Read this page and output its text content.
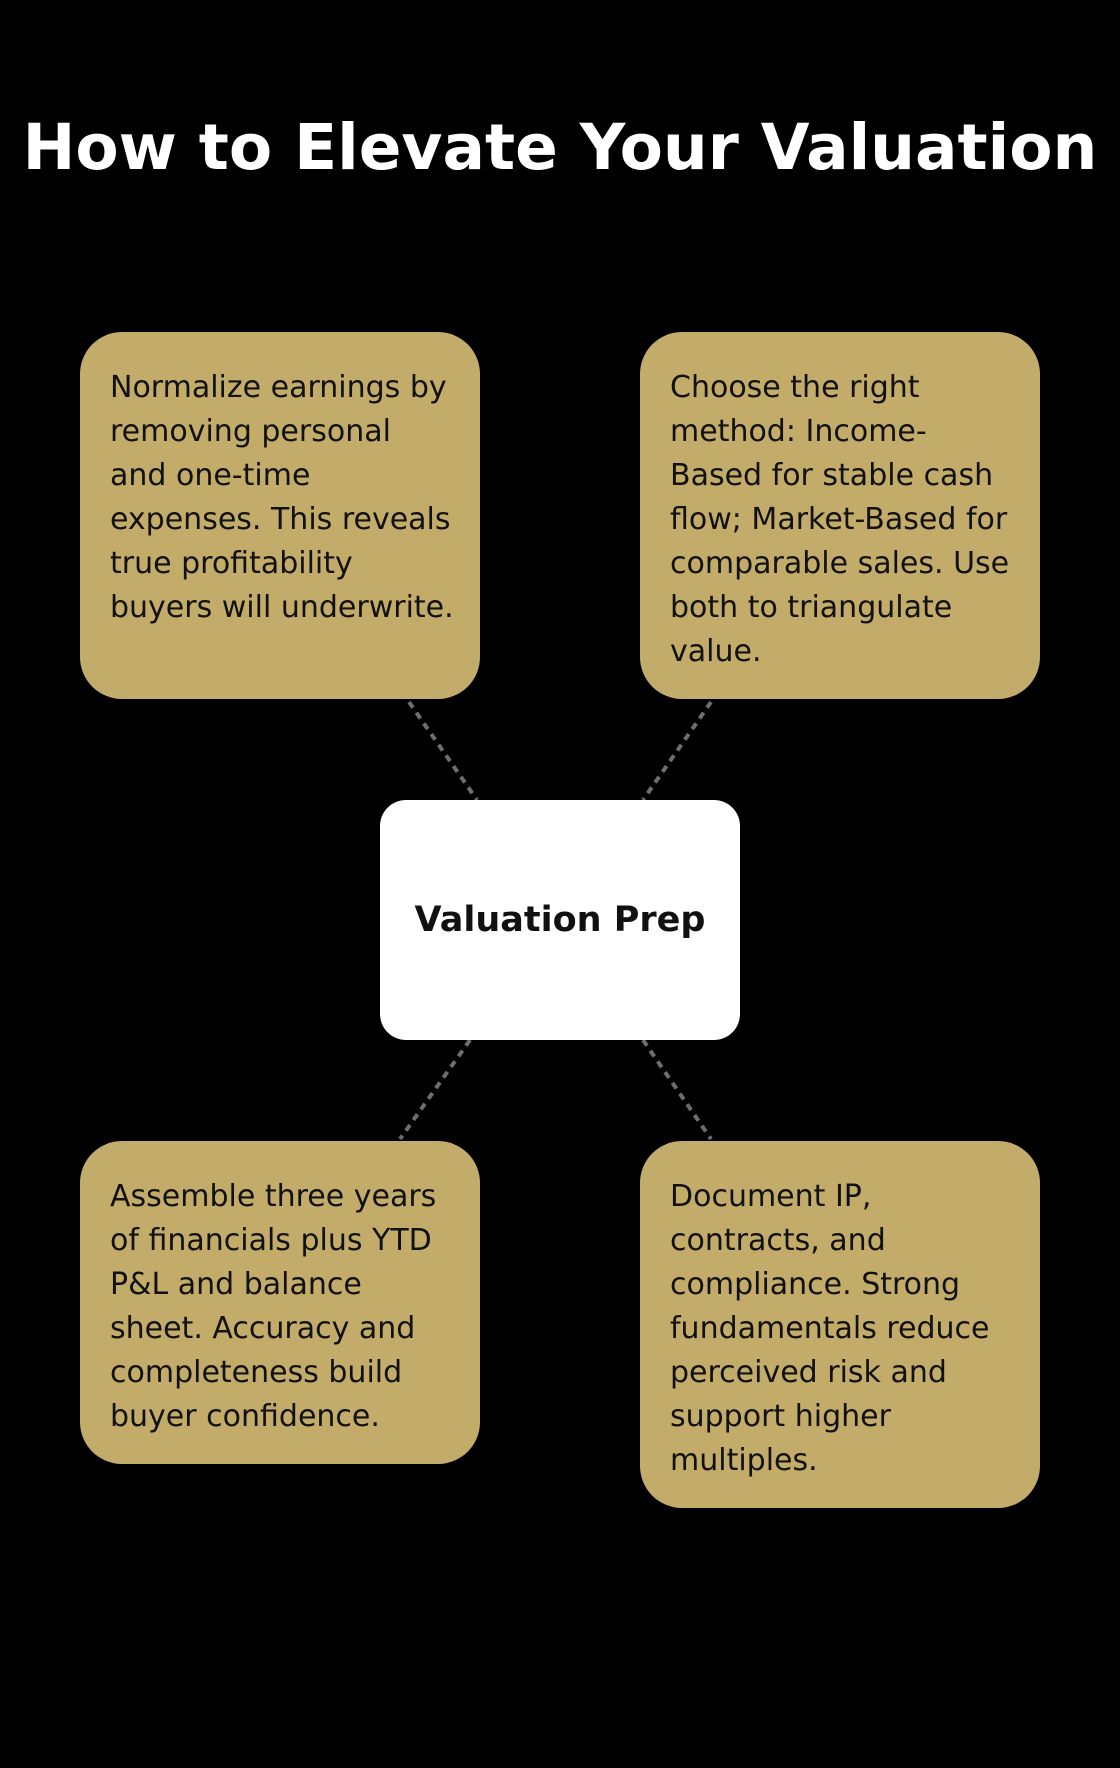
How to Elevate Your Valuation
Normalize earnings by removing personal and one-time expenses. This reveals true profitability buyers will underwrite.
Choose the right method: Income-Based for stable cash flow; Market-Based for comparable sales. Use both to triangulate value.
Valuation Prep
Assemble three years of financials plus YTD P&L and balance sheet. Accuracy and completeness build buyer confidence.
Document IP, contracts, and compliance. Strong fundamentals reduce perceived risk and support higher multiples.
